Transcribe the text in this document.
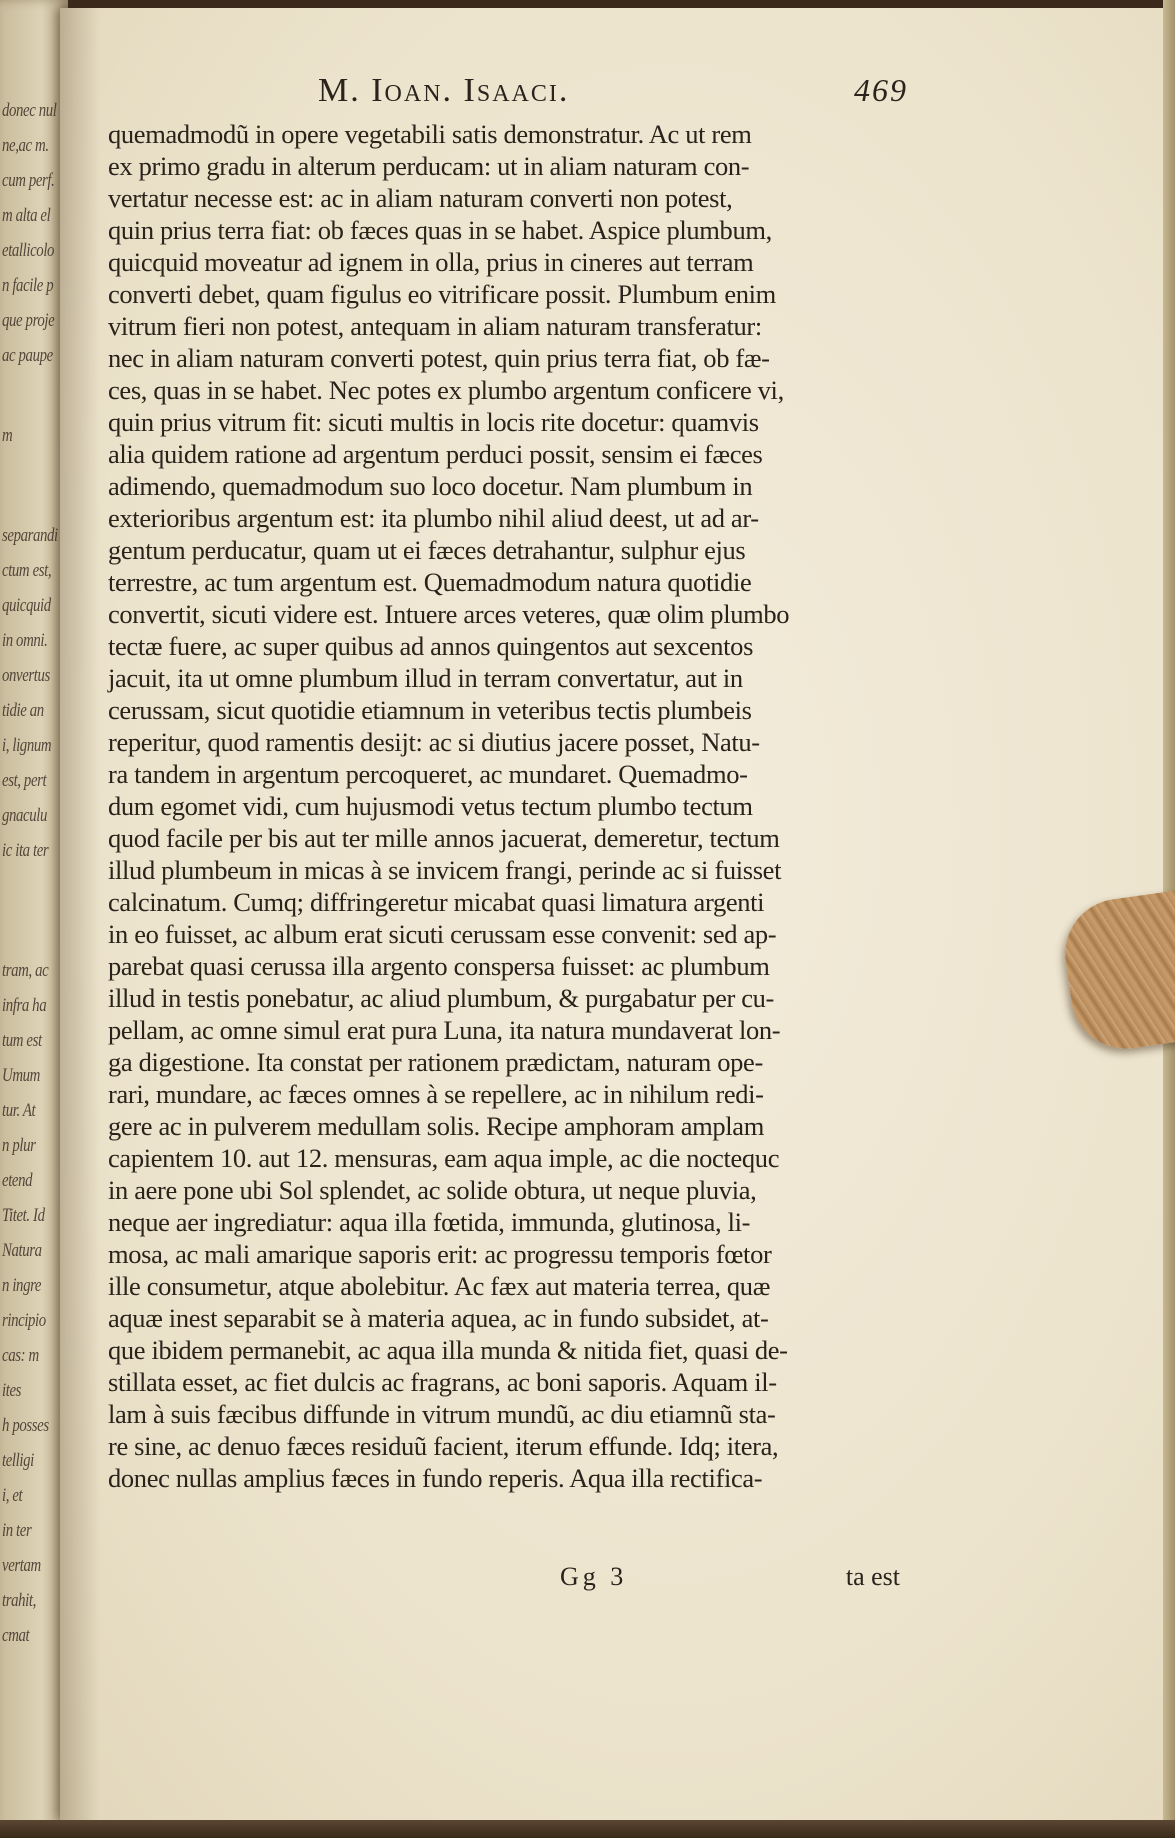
donec nul
ne,ac m.
cum perf.
m alta el
etallicolo
n facile p
que proje
ac paupe
m
separandi
ctum est,
quicquid
in omni.
onvertus
tidie an
i, lignum
est, pert
gnaculu
ic ita ter
tram, ac
infra ha
tum est
Umum
tur. At
n plur
etend
Titet. Id
Natura
n ingre
rincipio
cas: m
ites
h posses
telligi
i, et
in ter
vertam
trahit,
cmat
M. Ioan. Isaaci.	469
quemadmodũ in opere vegetabili satis demonstratur. Ac ut rem
ex primo gradu in alterum perducam: ut in aliam naturam con-
vertatur necesse est: ac in aliam naturam converti non potest,
quin prius terra fiat: ob fæces quas in se habet. Aspice plumbum,
quicquid moveatur ad ignem in olla, prius in cineres aut terram
converti debet, quam figulus eo vitrificare possit. Plumbum enim
vitrum fieri non potest, antequam in aliam naturam transferatur:
nec in aliam naturam converti potest, quin prius terra fiat, ob fæ-
ces, quas in se habet. Nec potes ex plumbo argentum conficere vi,
quin prius vitrum fit: sicuti multis in locis rite docetur: quamvis
alia quidem ratione ad argentum perduci possit, sensim ei fæces
adimendo, quemadmodum suo loco docetur. Nam plumbum in
exterioribus argentum est: ita plumbo nihil aliud deest, ut ad ar-
gentum perducatur, quam ut ei fæces detrahantur, sulphur ejus
terrestre, ac tum argentum est. Quemadmodum natura quotidie
convertit, sicuti videre est. Intuere arces veteres, quæ olim plumbo
tectæ fuere, ac super quibus ad annos quingentos aut sexcentos
jacuit, ita ut omne plumbum illud in terram convertatur, aut in
cerussam, sicut quotidie etiamnum in veteribus tectis plumbeis
reperitur, quod ramentis desijt: ac si diutius jacere posset, Natu-
ra tandem in argentum percoqueret, ac mundaret. Quemadmo-
dum egomet vidi, cum hujusmodi vetus tectum plumbo tectum
quod facile per bis aut ter mille annos jacuerat, demeretur, tectum
illud plumbeum in micas à se invicem frangi, perinde ac si fuisset
calcinatum. Cumq; diffringeretur micabat quasi limatura argenti
in eo fuisset, ac album erat sicuti cerussam esse convenit: sed ap-
parebat quasi cerussa illa argento conspersa fuisset: ac plumbum
illud in testis ponebatur, ac aliud plumbum, & purgabatur per cu-
pellam, ac omne simul erat pura Luna, ita natura mundaverat lon-
ga digestione. Ita constat per rationem prædictam, naturam ope-
rari, mundare, ac fæces omnes à se repellere, ac in nihilum redi-
gere ac in pulverem medullam solis. Recipe amphoram amplam
capientem 10. aut 12. mensuras, eam aqua imple, ac die noctequc
in aere pone ubi Sol splendet, ac solide obtura, ut neque pluvia,
neque aer ingrediatur: aqua illa fœtida, immunda, glutinosa, li-
mosa, ac mali amarique saporis erit: ac progressu temporis fœtor
ille consumetur, atque abolebitur. Ac fæx aut materia terrea, quæ
aquæ inest separabit se à materia aquea, ac in fundo subsidet, at-
que ibidem permanebit, ac aqua illa munda & nitida fiet, quasi de-
stillata esset, ac fiet dulcis ac fragrans, ac boni saporis. Aquam il-
lam à suis fæcibus diffunde in vitrum mundũ, ac diu etiamnũ sta-
re sine, ac denuo fæces residuũ facient, iterum effunde. Idq; itera,
donec nullas amplius fæces in fundo reperis. Aqua illa rectifica-
Gg 3	ta est
